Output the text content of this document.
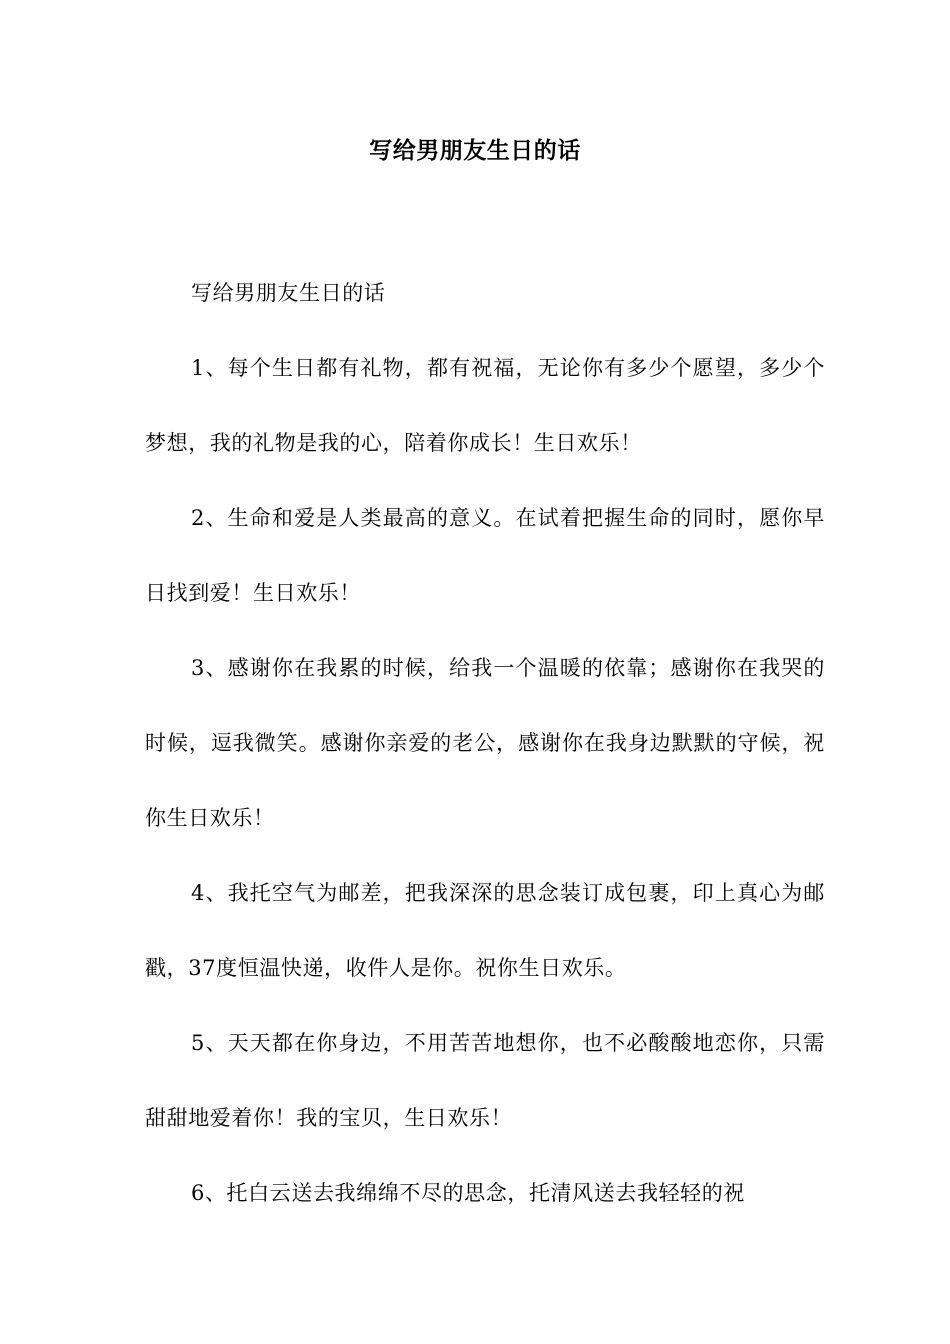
写给男朋友生日的话

写给男朋友生日的话

1、每个生日都有礼物，都有祝福，无论你有多少个愿望，多少个梦想，我的礼物是我的心，陪着你成长！生日欢乐！

2、生命和爱是人类最高的意义。在试着把握生命的同时，愿你早日找到爱！生日欢乐！

3、感谢你在我累的时候，给我一个温暖的依靠；感谢你在我哭的时候，逗我微笑。感谢你亲爱的老公，感谢你在我身边默默的守候，祝你生日欢乐！

4、我托空气为邮差，把我深深的思念装订成包裹，印上真心为邮戳，37度恒温快递，收件人是你。祝你生日欢乐。

5、天天都在你身边，不用苦苦地想你，也不必酸酸地恋你，只需甜甜地爱着你！我的宝贝，生日欢乐！

6、托白云送去我绵绵不尽的思念，托清风送去我轻轻的祝
